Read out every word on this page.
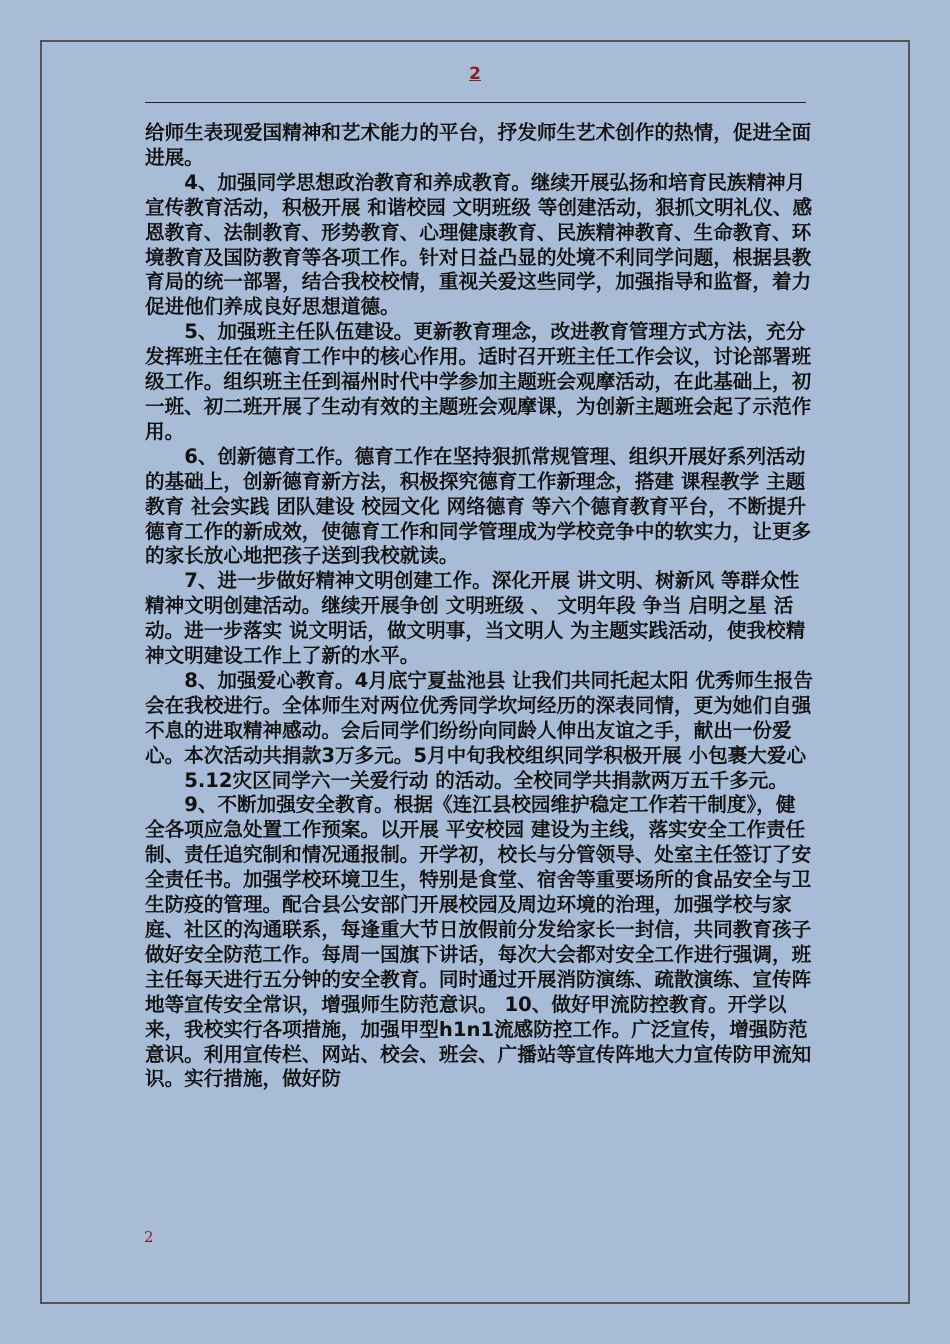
2

给师生表现爱国精神和艺术能力的平台，抒发师生艺术创作的热情，促进全面进展。

4、加强同学思想政治教育和养成教育。继续开展弘扬和培育民族精神月宣传教育活动，积极开展 和谐校园 文明班级 等创建活动，狠抓文明礼仪、感恩教育、法制教育、形势教育、心理健康教育、民族精神教育、生命教育、环境教育及国防教育等各项工作。针对日益凸显的处境不利同学问题，根据县教育局的统一部署，结合我校校情，重视关爱这些同学，加强指导和监督，着力促进他们养成良好思想道德。

5、加强班主任队伍建设。更新教育理念，改进教育管理方式方法，充分发挥班主任在德育工作中的核心作用。适时召开班主任工作会议，讨论部署班级工作。组织班主任到福州时代中学参加主题班会观摩活动，在此基础上，初一班、初二班开展了生动有效的主题班会观摩课，为创新主题班会起了示范作用。

6、创新德育工作。德育工作在坚持狠抓常规管理、组织开展好系列活动的基础上，创新德育新方法，积极探究德育工作新理念，搭建 课程教学 主题教育 社会实践 团队建设 校园文化 网络德育 等六个德育教育平台，不断提升德育工作的新成效，使德育工作和同学管理成为学校竞争中的软实力，让更多的家长放心地把孩子送到我校就读。

7、进一步做好精神文明创建工作。深化开展 讲文明、树新风 等群众性精神文明创建活动。继续开展争创 文明班级 、 文明年段 争当 启明之星 活动。进一步落实 说文明话，做文明事，当文明人 为主题实践活动，使我校精神文明建设工作上了新的水平。

8、加强爱心教育。4月底宁夏盐池县 让我们共同托起太阳 优秀师生报告会在我校进行。全体师生对两位优秀同学坎坷经历的深表同情，更为她们自强不息的进取精神感动。会后同学们纷纷向同龄人伸出友谊之手，献出一份爱心。本次活动共捐款3万多元。5月中旬我校组织同学积极开展 小包裹大爱心

5.12灾区同学六一关爱行动 的活动。全校同学共捐款两万五千多元。

9、不断加强安全教育。根据《连江县校园维护稳定工作若干制度》，健全各项应急处置工作预案。以开展 平安校园 建设为主线，落实安全工作责任制、责任追究制和情况通报制。开学初，校长与分管领导、处室主任签订了安全责任书。加强学校环境卫生，特别是食堂、宿舍等重要场所的食品安全与卫生防疫的管理。配合县公安部门开展校园及周边环境的治理，加强学校与家庭、社区的沟通联系，每逢重大节日放假前分发给家长一封信，共同教育孩子做好安全防范工作。每周一国旗下讲话，每次大会都对安全工作进行强调，班主任每天进行五分钟的安全教育。同时通过开展消防演练、疏散演练、宣传阵地等宣传安全常识，增强师生防范意识。 10、做好甲流防控教育。开学以来，我校实行各项措施，加强甲型h1n1流感防控工作。广泛宣传，增强防范意识。利用宣传栏、网站、校会、班会、广播站等宣传阵地大力宣传防甲流知识。实行措施，做好防

2
